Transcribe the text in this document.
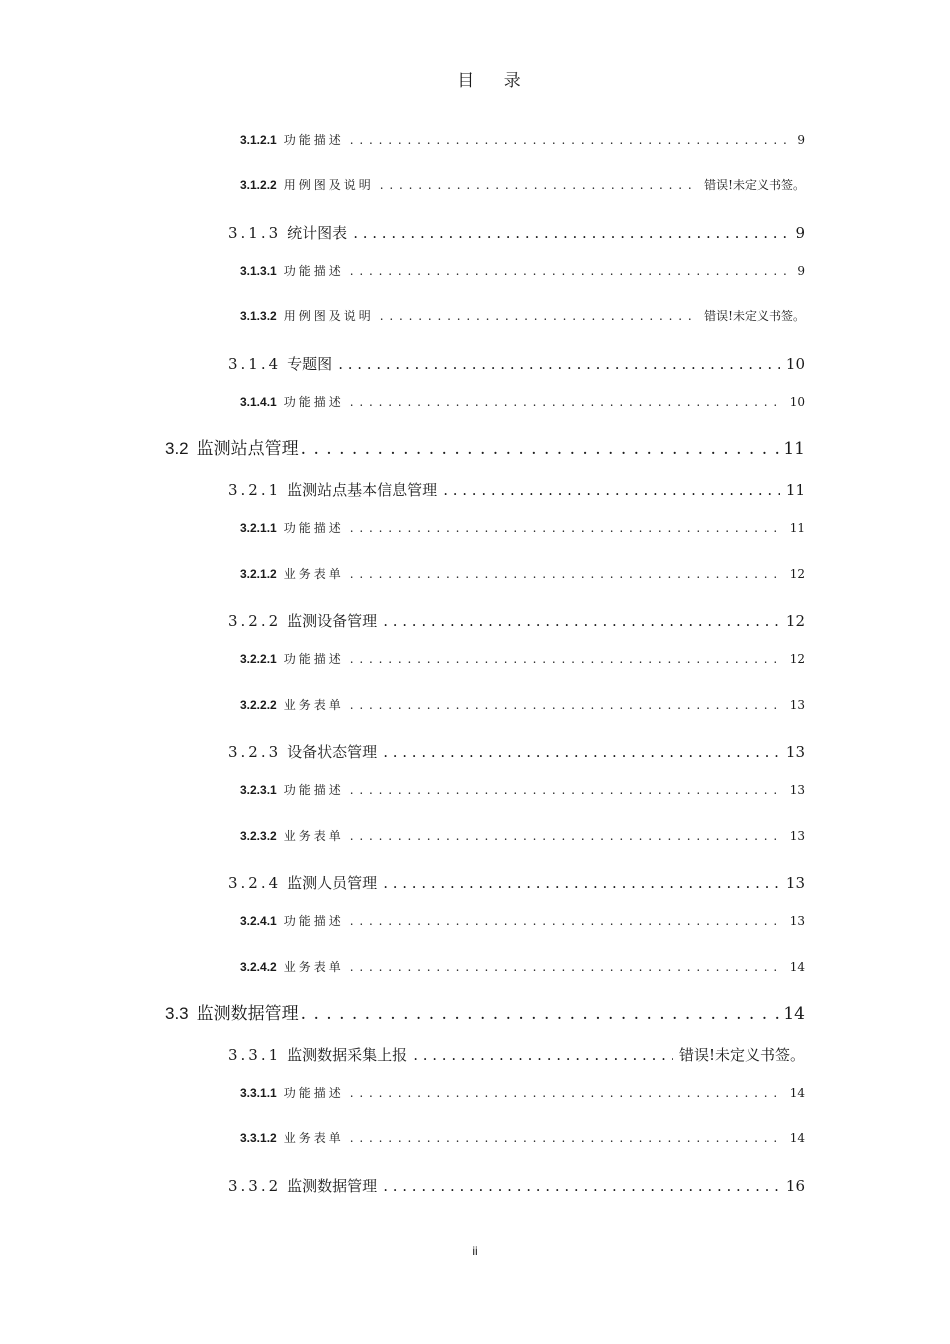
目 录
3.1.2.1 功能描述 . . .	9
3.1.2.2 用例图及说明 . . .	错误!未定义书签。
3.1.3 统计图表 . . .	9
3.1.3.1 功能描述 . . .	9
3.1.3.2 用例图及说明 . . .	错误!未定义书签。
3.1.4 专题图 . . .	10
3.1.4.1 功能描述 . . .	10
3.2 监测站点管理 . . .	11
3.2.1 监测站点基本信息管理 . . .	11
3.2.1.1 功能描述 . . .	11
3.2.1.2 业务表单 . . .	12
3.2.2 监测设备管理 . . .	12
3.2.2.1 功能描述 . . .	12
3.2.2.2 业务表单 . . .	13
3.2.3 设备状态管理 . . .	13
3.2.3.1 功能描述 . . .	13
3.2.3.2 业务表单 . . .	13
3.2.4 监测人员管理 . . .	13
3.2.4.1 功能描述 . . .	13
3.2.4.2 业务表单 . . .	14
3.3 监测数据管理 . . .	14
3.3.1 监测数据采集上报 . . .	错误!未定义书签。
3.3.1.1 功能描述 . . .	14
3.3.1.2 业务表单 . . .	14
3.3.2 监测数据管理 . . .	16
ii
